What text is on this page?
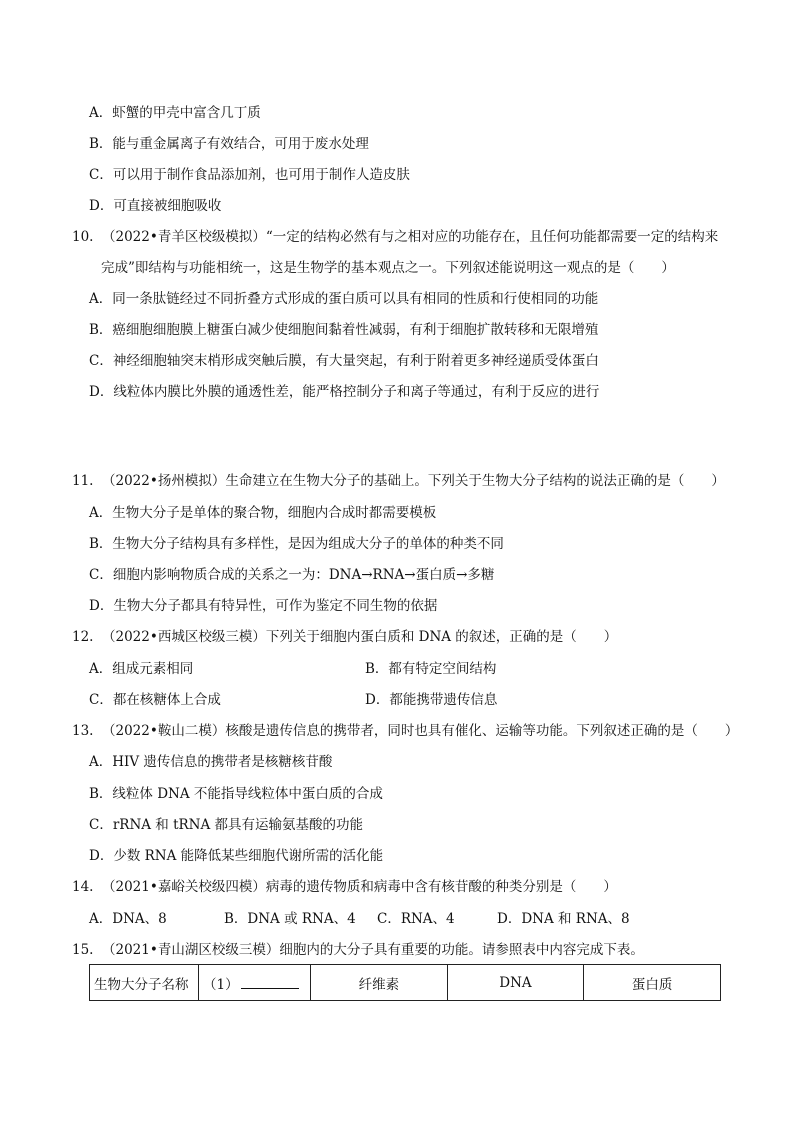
A．虾蟹的甲壳中富含几丁质
B．能与重金属离子有效结合，可用于废水处理
C．可以用于制作食品添加剂，也可用于制作人造皮肤
D．可直接被细胞吸收
10. （2022•青羊区校级模拟）“一定的结构必然有与之相对应的功能存在，且任何功能都需要一定的结构来
完成”即结构与功能相统一，这是生物学的基本观点之一。下列叙述能说明这一观点的是（　　）
A．同一条肽链经过不同折叠方式形成的蛋白质可以具有相同的性质和行使相同的功能
B．癌细胞细胞膜上糖蛋白减少使细胞间黏着性减弱，有利于细胞扩散转移和无限增殖
C．神经细胞轴突末梢形成突触后膜，有大量突起，有利于附着更多神经递质受体蛋白
D．线粒体内膜比外膜的通透性差，能严格控制分子和离子等通过，有利于反应的进行
11. （2022•扬州模拟）生命建立在生物大分子的基础上。下列关于生物大分子结构的说法正确的是（　　）
A．生物大分子是单体的聚合物，细胞内合成时都需要模板
B．生物大分子结构具有多样性，是因为组成大分子的单体的种类不同
C．细胞内影响物质合成的关系之一为：DNA→RNA→蛋白质→多糖
D．生物大分子都具有特异性，可作为鉴定不同生物的依据
12. （2022•西城区校级三模）下列关于细胞内蛋白质和 DNA 的叙述，正确的是（　　）
A．组成元素相同	B．都有特定空间结构
C．都在核糖体上合成	D．都能携带遗传信息
13. （2022•鞍山二模）核酸是遗传信息的携带者，同时也具有催化、运输等功能。下列叙述正确的是（　　）
A．HIV 遗传信息的携带者是核糖核苷酸
B．线粒体 DNA 不能指导线粒体中蛋白质的合成
C．rRNA 和 tRNA 都具有运输氨基酸的功能
D．少数 RNA 能降低某些细胞代谢所需的活化能
14. （2021•嘉峪关校级四模）病毒的遗传物质和病毒中含有核苷酸的种类分别是（　　）
A．DNA、8	B．DNA 或 RNA、4 C．RNA、4	D．DNA 和 RNA、8
15. （2021•青山湖区校级三模）细胞内的大分子具有重要的功能。请参照表中内容完成下表。
生物大分子名称	（1）	纤维素	DNA	蛋白质
